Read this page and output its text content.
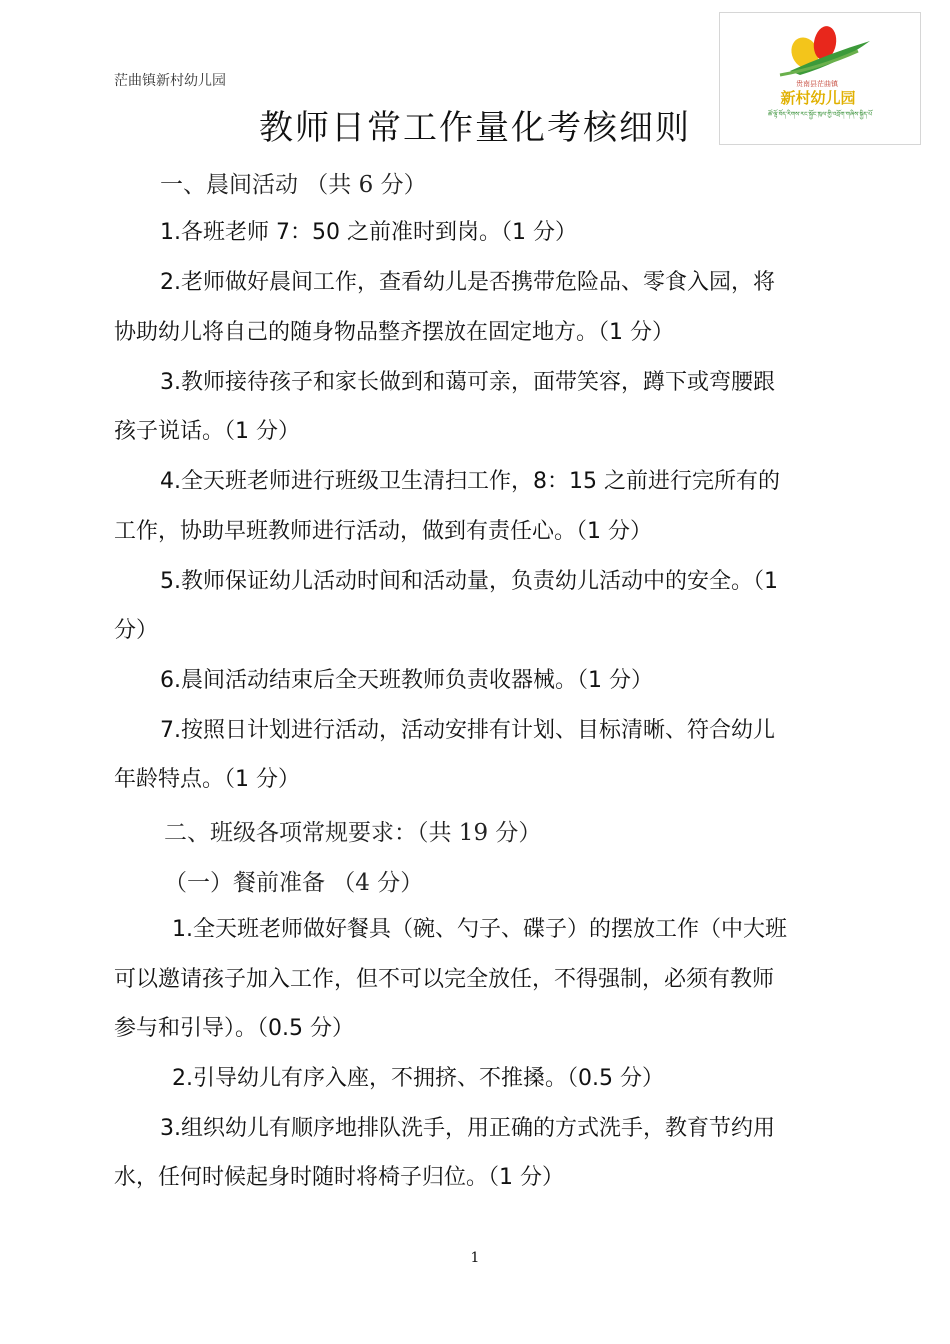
茫曲镇新村幼儿园	贵南县茫曲镇
新村幼儿园
ཚོ་ལྷོ་བོད་རིགས་རང་སྐྱོང་ཁུལ་གྱི་འབྲོག་གཞིས་སྐྱིད་པོ
教师日常工作量化考核细则
一、晨间活动 （共 6 分）
1.各班老师 7：50 之前准时到岗。（1 分）
2.老师做好晨间工作，查看幼儿是否携带危险品、零食入园，将
协助幼儿将自己的随身物品整齐摆放在固定地方。（1 分）
3.教师接待孩子和家长做到和蔼可亲，面带笑容，蹲下或弯腰跟
孩子说话。（1 分）
4.全天班老师进行班级卫生清扫工作，8：15 之前进行完所有的
工作，协助早班教师进行活动，做到有责任心。（1 分）
5.教师保证幼儿活动时间和活动量，负责幼儿活动中的安全。（1
分）
6.晨间活动结束后全天班教师负责收器械。（1 分）
7.按照日计划进行活动，活动安排有计划、目标清晰、符合幼儿
年龄特点。（1 分）
二、班级各项常规要求：（共 19 分）
（一）餐前准备 （4 分）
1.全天班老师做好餐具（碗、勺子、碟子）的摆放工作（中大班
可以邀请孩子加入工作，但不可以完全放任，不得强制，必须有教师
参与和引导）。（0.5 分）
2.引导幼儿有序入座，不拥挤、不推搡。（0.5 分）
3.组织幼儿有顺序地排队洗手，用正确的方式洗手，教育节约用
水，任何时候起身时随时将椅子归位。（1 分）
1
